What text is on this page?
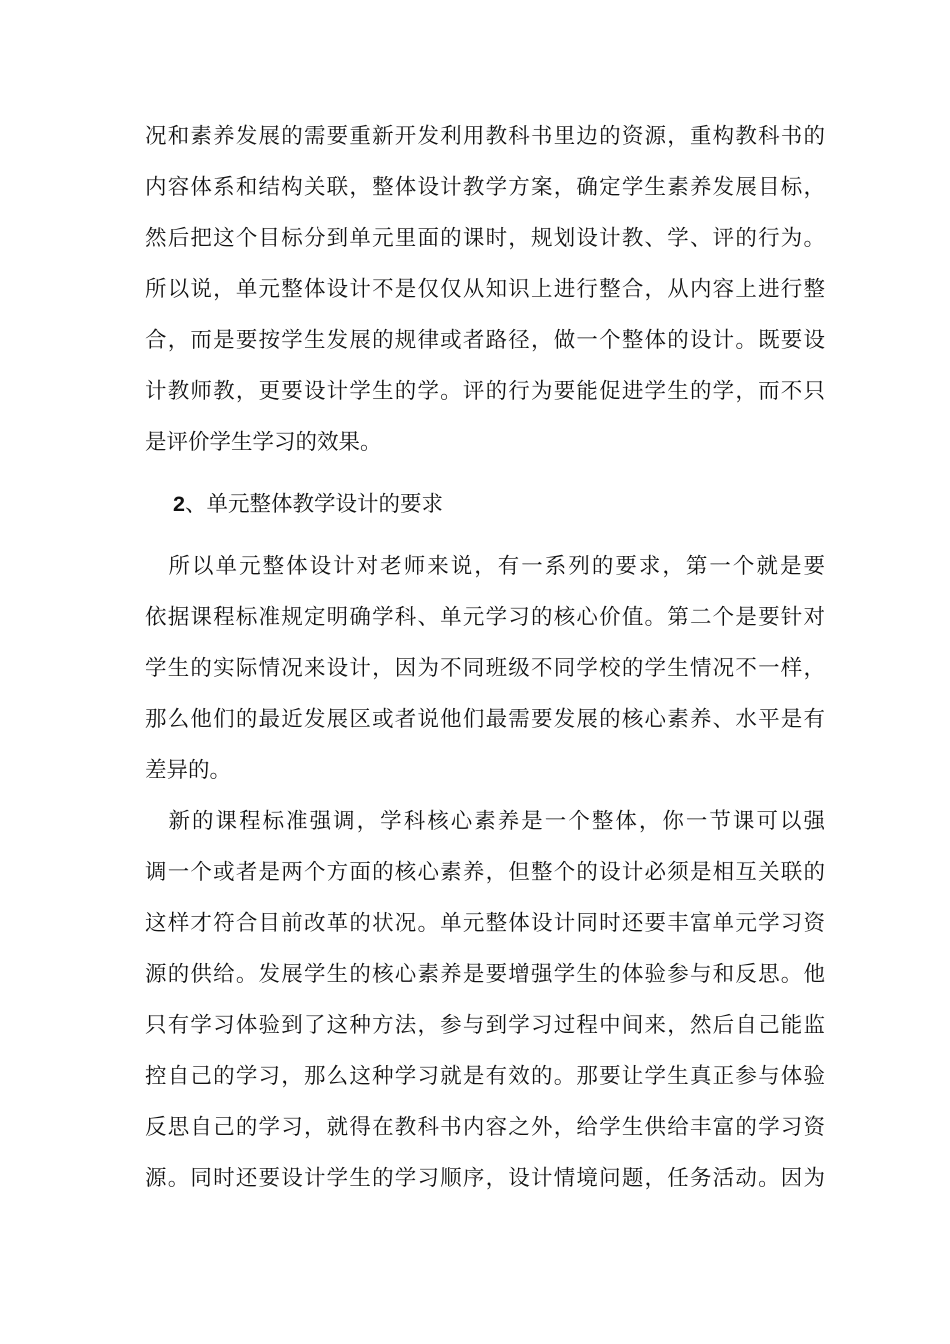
况和素养发展的需要重新开发利用教科书里边的资源，重构教科书的
内容体系和结构关联，整体设计教学方案，确定学生素养发展目标，
然后把这个目标分到单元里面的课时，规划设计教、学、评的行为。
所以说，单元整体设计不是仅仅从知识上进行整合，从内容上进行整
合，而是要按学生发展的规律或者路径，做一个整体的设计。既要设
计教师教，更要设计学生的学。评的行为要能促进学生的学，而不只
是评价学生学习的效果。
2、单元整体教学设计的要求
　所以单元整体设计对老师来说，有一系列的要求，第一个就是要
依据课程标准规定明确学科、单元学习的核心价值。第二个是要针对
学生的实际情况来设计，因为不同班级不同学校的学生情况不一样，
那么他们的最近发展区或者说他们最需要发展的核心素养、水平是有
差异的。
　新的课程标准强调，学科核心素养是一个整体，你一节课可以强
调一个或者是两个方面的核心素养，但整个的设计必须是相互关联的
这样才符合目前改革的状况。单元整体设计同时还要丰富单元学习资
源的供给。发展学生的核心素养是要增强学生的体验参与和反思。他
只有学习体验到了这种方法，参与到学习过程中间来，然后自己能监
控自己的学习，那么这种学习就是有效的。那要让学生真正参与体验
反思自己的学习，就得在教科书内容之外，给学生供给丰富的学习资
源。同时还要设计学生的学习顺序，设计情境问题，任务活动。因为
